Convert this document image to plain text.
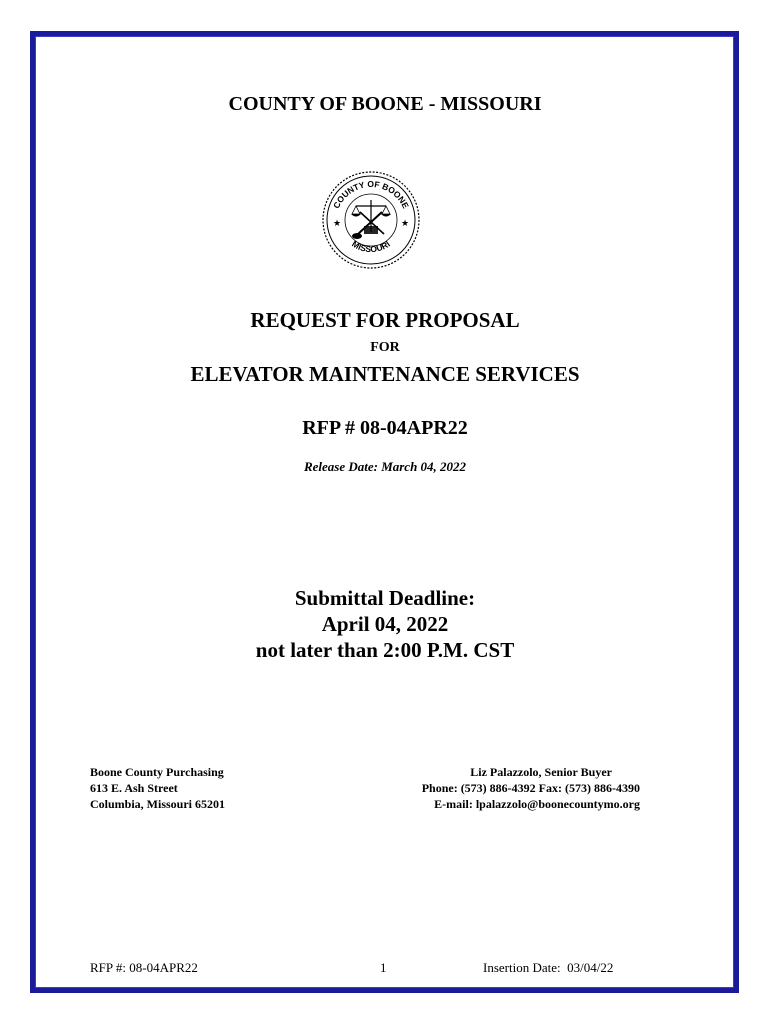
COUNTY OF BOONE - MISSOURI
COUNTY OF BOONE
MISSOURI
★	★
REQUEST FOR PROPOSAL
FOR
ELEVATOR MAINTENANCE SERVICES
RFP # 08-04APR22
Release Date: March 04, 2022
Submittal Deadline:
April 04, 2022
not later than 2:00 P.M. CST
Boone County Purchasing
613 E. Ash Street
Columbia, Missouri 65201
Liz Palazzolo, Senior Buyer
Phone: (573) 886-4392 Fax: (573) 886-4390
E-mail: lpalazzolo@boonecountymo.org
RFP #: 08-04APR22	1	Insertion Date:  03/04/22
